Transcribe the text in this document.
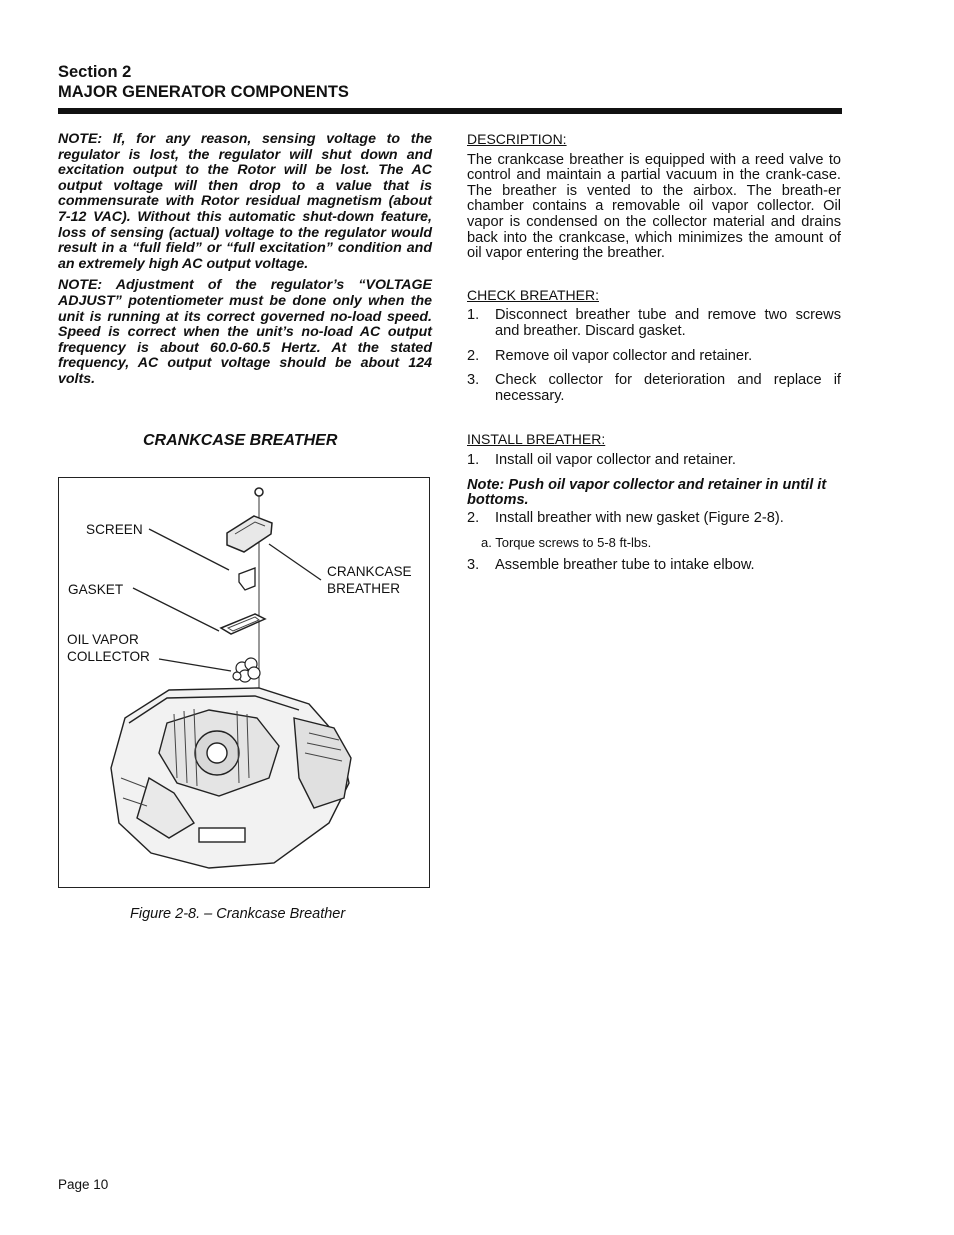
Section 2
MAJOR GENERATOR COMPONENTS

NOTE: If, for any reason, sensing voltage to the regulator is lost, the regulator will shut down and excitation output to the Rotor will be lost. The AC output voltage will then drop to a value that is commensurate with Rotor residual magnetism (about 7-12 VAC). Without this automatic shut-down feature, loss of sensing (actual) voltage to the regulator would result in a “full field” or “full excitation” condition and an extremely high AC output voltage.

NOTE: Adjustment of the regulator’s “VOLTAGE ADJUST” potentiometer must be done only when the unit is running at its correct governed no-load speed. Speed is correct when the unit’s no-load AC output frequency is about 60.0-60.5 Hertz. At the stated frequency, AC output voltage should be about 124 volts.

CRANKCASE BREATHER
SCREEN
GASKET
OIL VAPOR
COLLECTOR
CRANKCASE
BREATHER
Figure 2-8. – Crankcase Breather
DESCRIPTION:

The crankcase breather is equipped with a reed valve to control and maintain a partial vacuum in the crank-case. The breather is vented to the airbox. The breath-er chamber contains a removable oil vapor collector. Oil vapor is condensed on the collector material and drains back into the crankcase, which minimizes the amount of oil vapor entering the breather.

CHECK BREATHER:
1. Disconnect breather tube and remove two screws and breather. Discard gasket.
2. Remove oil vapor collector and retainer.
3. Check collector for deterioration and replace if necessary.
INSTALL BREATHER:
1. Install oil vapor collector and retainer.

Note: Push oil vapor collector and retainer in until it bottoms.

2. Install breather with new gasket (Figure 2-8).
a. Torque screws to 5-8 ft-lbs.
3. Assemble breather tube to intake elbow.
Page 10
